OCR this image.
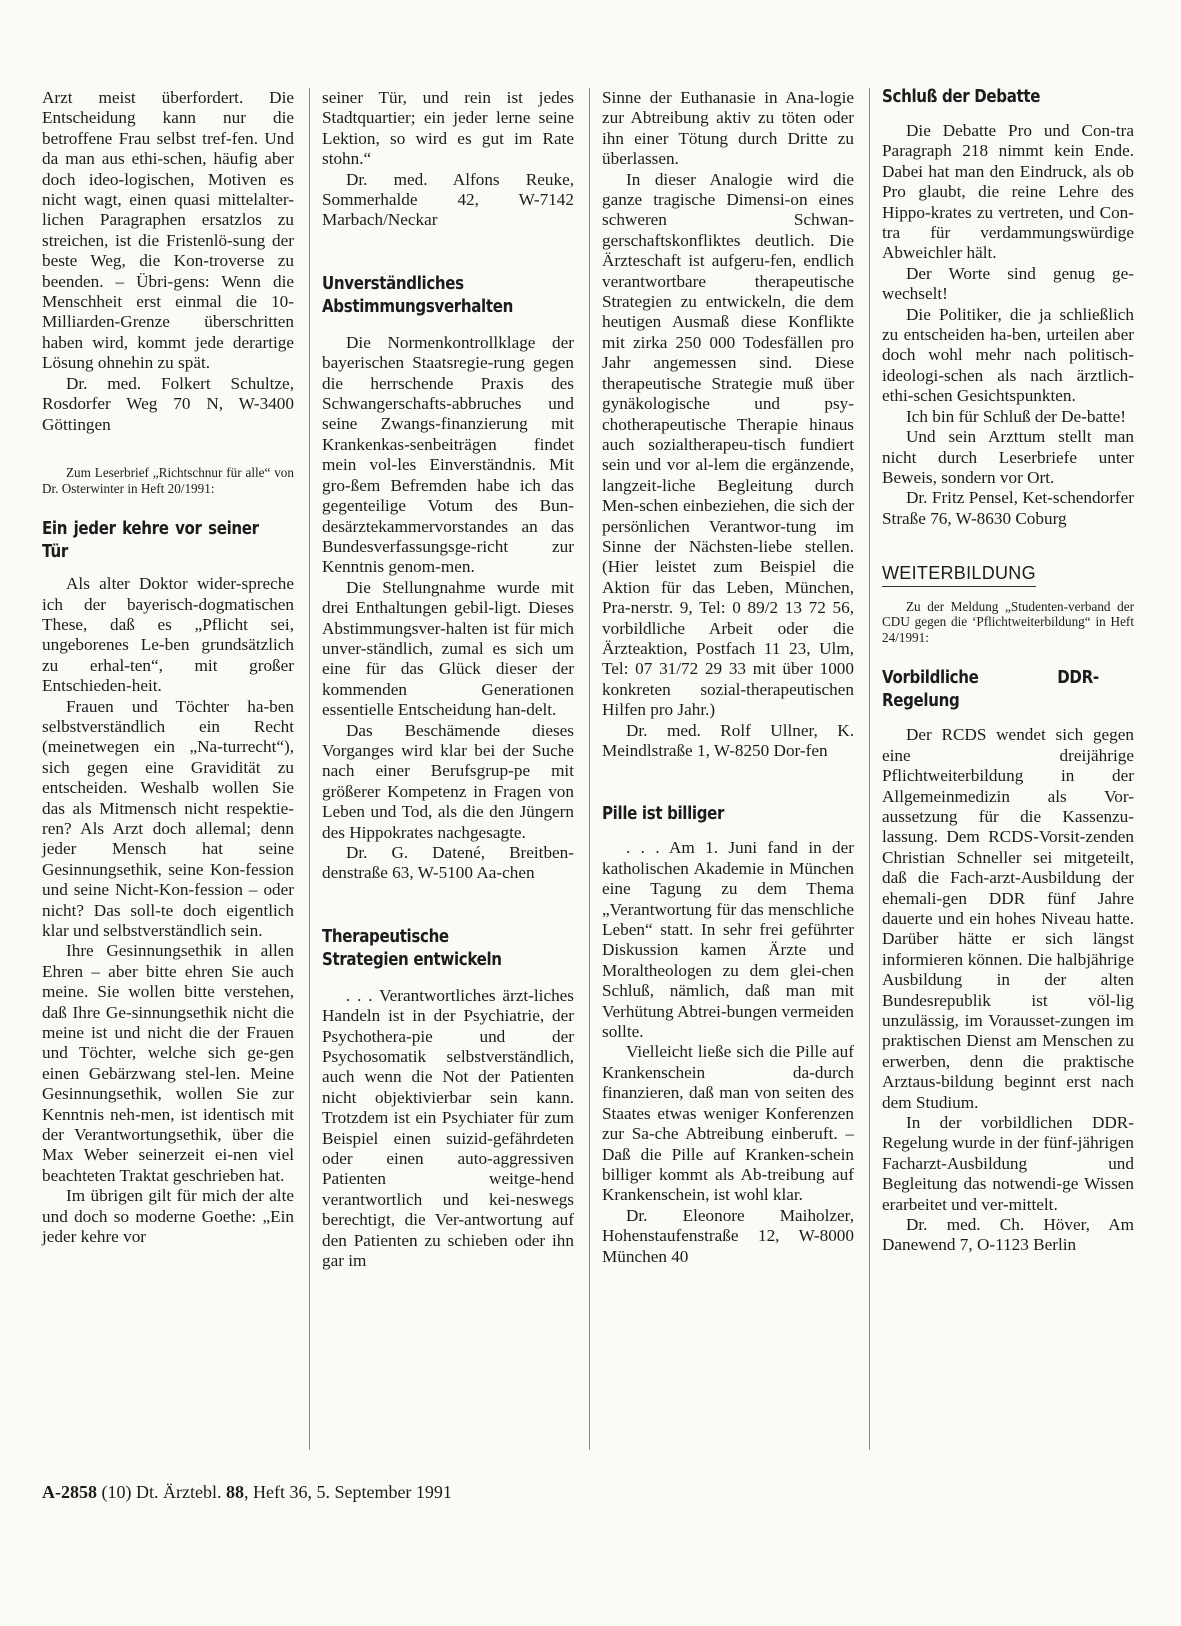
Arzt meist überfordert. Die Entscheidung kann nur die betroffene Frau selbst tref-fen. Und da man aus ethi-schen, häufig aber doch ideo-logischen, Motiven es nicht wagt, einen quasi mittelalter-lichen Paragraphen ersatzlos zu streichen, ist die Fristenlö-sung der beste Weg, die Kon-troverse zu beenden. – Übri-gens: Wenn die Menschheit erst einmal die 10-Milliarden-Grenze überschritten haben wird, kommt jede derartige Lösung ohnehin zu spät.

Dr. med. Folkert Schultze, Rosdorfer Weg 70 N, W-3400 Göttingen

Zum Leserbrief „Richtschnur für alle“ von Dr. Osterwinter in Heft 20/1991:

Ein jeder kehre vor seiner Tür

Als alter Doktor wider-spreche ich der bayerisch-dogmatischen These, daß es „Pflicht sei, ungeborenes Le-ben grundsätzlich zu erhal-ten“, mit großer Entschieden-heit.

Frauen und Töchter ha-ben selbstverständlich ein Recht (meinetwegen ein „Na-turrecht“), sich gegen eine Gravidität zu entscheiden. Weshalb wollen Sie das als Mitmensch nicht respektie-ren? Als Arzt doch allemal; denn jeder Mensch hat seine Gesinnungsethik, seine Kon-fession und seine Nicht-Kon-fession – oder nicht? Das soll-te doch eigentlich klar und selbstverständlich sein.

Ihre Gesinnungsethik in allen Ehren – aber bitte ehren Sie auch meine. Sie wollen bitte verstehen, daß Ihre Ge-sinnungsethik nicht die meine ist und nicht die der Frauen und Töchter, welche sich ge-gen einen Gebärzwang stel-len. Meine Gesinnungsethik, wollen Sie zur Kenntnis neh-men, ist identisch mit der Verantwortungsethik, über die Max Weber seinerzeit ei-nen viel beachteten Traktat geschrieben hat.

Im übrigen gilt für mich der alte und doch so moderne Goethe: „Ein jeder kehre vor

seiner Tür, und rein ist jedes Stadtquartier; ein jeder lerne seine Lektion, so wird es gut im Rate stohn.“

Dr. med. Alfons Reuke, Sommerhalde 42, W-7142 Marbach/Neckar

Unverständliches Abstimmungsverhalten

Die Normenkontrollklage der bayerischen Staatsregie-rung gegen die herrschende Praxis des Schwangerschafts-abbruches und seine Zwangs-finanzierung mit Krankenkas-senbeiträgen findet mein vol-les Einverständnis. Mit gro-ßem Befremden habe ich das gegenteilige Votum des Bun-desärztekammervorstandes an das Bundesverfassungsge-richt zur Kenntnis genom-men.

Die Stellungnahme wurde mit drei Enthaltungen gebil-ligt. Dieses Abstimmungsver-halten ist für mich unver-ständlich, zumal es sich um eine für das Glück dieser der kommenden Generationen essentielle Entscheidung han-delt.

Das Beschämende dieses Vorganges wird klar bei der Suche nach einer Berufsgrup-pe mit größerer Kompetenz in Fragen von Leben und Tod, als die den Jüngern des Hippokrates nachgesagte.

Dr. G. Datené, Breitben-denstraße 63, W-5100 Aa-chen

Therapeutische Strategien entwickeln

. . . Verantwortliches ärzt-liches Handeln ist in der Psychiatrie, der Psychothera-pie und der Psychosomatik selbstverständlich, auch wenn die Not der Patienten nicht objektivierbar sein kann. Trotzdem ist ein Psychiater für zum Beispiel einen suizid-gefährdeten oder einen auto-aggressiven Patienten weitge-hend verantwortlich und kei-neswegs berechtigt, die Ver-antwortung auf den Patienten zu schieben oder ihn gar im

Sinne der Euthanasie in Ana-logie zur Abtreibung aktiv zu töten oder ihn einer Tötung durch Dritte zu überlassen.

In dieser Analogie wird die ganze tragische Dimensi-on eines schweren Schwan-gerschaftskonfliktes deutlich. Die Ärzteschaft ist aufgeru-fen, endlich verantwortbare therapeutische Strategien zu entwickeln, die dem heutigen Ausmaß diese Konflikte mit zirka 250 000 Todesfällen pro Jahr angemessen sind. Diese therapeutische Strategie muß über gynäkologische und psy-chotherapeutische Therapie hinaus auch sozialtherapeu-tisch fundiert sein und vor al-lem die ergänzende, langzeit-liche Begleitung durch Men-schen einbeziehen, die sich der persönlichen Verantwor-tung im Sinne der Nächsten-liebe stellen. (Hier leistet zum Beispiel die Aktion für das Leben, München, Pra-nerstr. 9, Tel: 0 89/2 13 72 56, vorbildliche Arbeit oder die Ärzteaktion, Postfach 11 23, Ulm, Tel: 07 31/72 29 33 mit über 1000 konkreten sozial-therapeutischen Hilfen pro Jahr.)

Dr. med. Rolf Ullner, K. Meindlstraße 1, W-8250 Dor-fen

Pille ist billiger

. . . Am 1. Juni fand in der katholischen Akademie in München eine Tagung zu dem Thema „Verantwortung für das menschliche Leben“ statt. In sehr frei geführter Diskussion kamen Ärzte und Moraltheologen zu dem glei-chen Schluß, nämlich, daß man mit Verhütung Abtrei-bungen vermeiden sollte.

Vielleicht ließe sich die Pille auf Krankenschein da-durch finanzieren, daß man von seiten des Staates etwas weniger Konferenzen zur Sa-che Abtreibung einberuft. – Daß die Pille auf Kranken-schein billiger kommt als Ab-treibung auf Krankenschein, ist wohl klar.

Dr. Eleonore Maiholzer, Hohenstaufenstraße 12, W-8000 München 40

Schluß der Debatte

Die Debatte Pro und Con-tra Paragraph 218 nimmt kein Ende. Dabei hat man den Eindruck, als ob Pro glaubt, die reine Lehre des Hippo-krates zu vertreten, und Con-tra für verdammungswürdige Abweichler hält.

Der Worte sind genug ge-wechselt!

Die Politiker, die ja schließlich zu entscheiden ha-ben, urteilen aber doch wohl mehr nach politisch-ideologi-schen als nach ärztlich-ethi-schen Gesichtspunkten.

Ich bin für Schluß der De-batte!

Und sein Arzttum stellt man nicht durch Leserbriefe unter Beweis, sondern vor Ort.

Dr. Fritz Pensel, Ket-schendorfer Straße 76, W-8630 Coburg

WEITERBILDUNG

Zu der Meldung „Studenten-verband der CDU gegen die ‘Pflichtweiterbildung“ in Heft 24/1991:

Vorbildliche DDR-Regelung

Der RCDS wendet sich gegen eine dreijährige Pflichtweiterbildung in der Allgemeinmedizin als Vor-aussetzung für die Kassenzu-lassung. Dem RCDS-Vorsit-zenden Christian Schneller sei mitgeteilt, daß die Fach-arzt-Ausbildung der ehemali-gen DDR fünf Jahre dauerte und ein hohes Niveau hatte. Darüber hätte er sich längst informieren können. Die halbjährige Ausbildung in der alten Bundesrepublik ist völ-lig unzulässig, im Vorausset-zungen im praktischen Dienst am Menschen zu erwerben, denn die praktische Arztaus-bildung beginnt erst nach dem Studium.

In der vorbildlichen DDR-Regelung wurde in der fünf-jährigen Facharzt-Ausbildung und Begleitung das notwendi-ge Wissen erarbeitet und ver-mittelt.

Dr. med. Ch. Höver, Am Danewend 7, O-1123 Berlin

A-2858 (10) Dt. Ärztebl. 88, Heft 36, 5. September 1991
